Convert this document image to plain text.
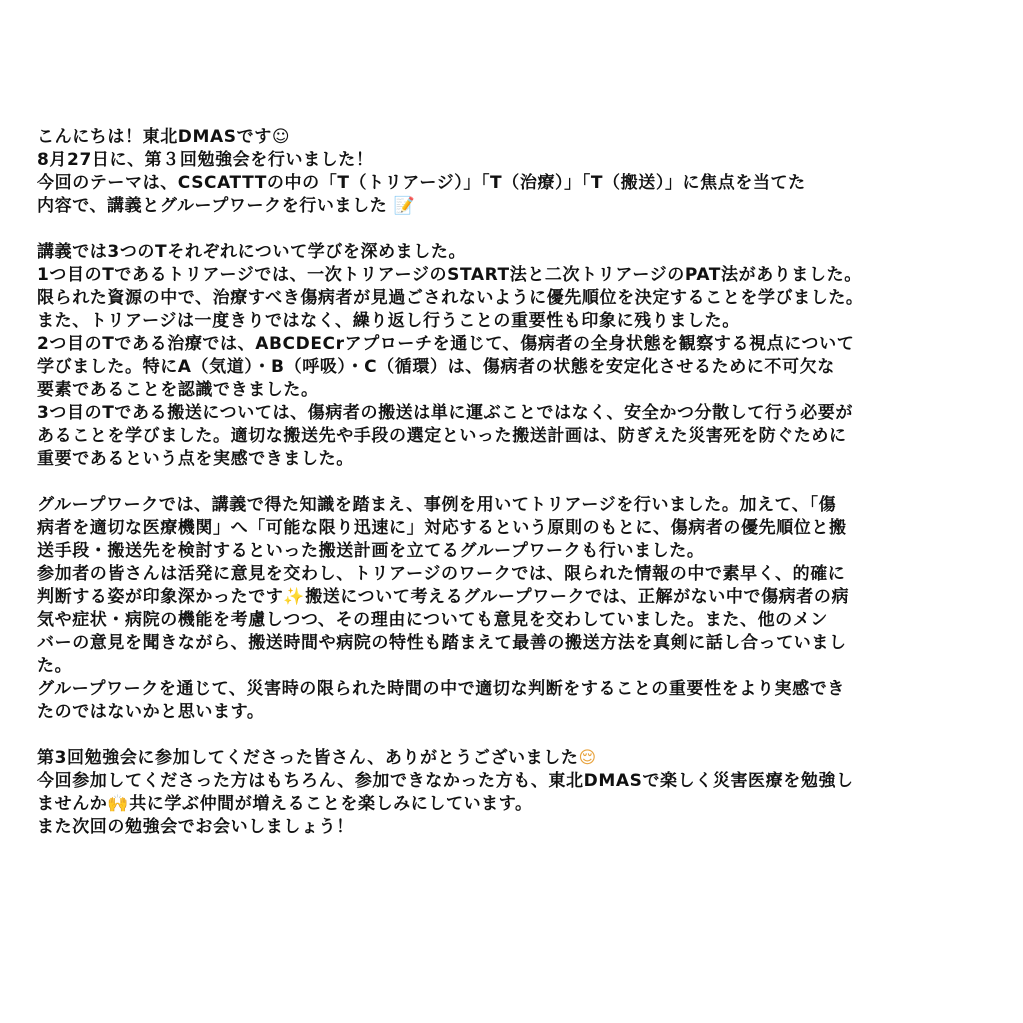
こんにちは！東北DMASです☺
8月27日に、第３回勉強会を行いました！
今回のテーマは、CSCATTTの中の「T（トリアージ）」「T（治療）」「T（搬送）」に焦点を当てた
内容で、講義とグループワークを行いました 📝
講義では3つのTそれぞれについて学びを深めました。
1つ目のTであるトリアージでは、一次トリアージのSTART法と二次トリアージのPAT法がありました。
限られた資源の中で、治療すべき傷病者が見過ごされないように優先順位を決定することを学びました。
また、トリアージは一度きりではなく、繰り返し行うことの重要性も印象に残りました。
2つ目のTである治療では、ABCDECrアプローチを通じて、傷病者の全身状態を観察する視点について
学びました。特にA（気道）・B（呼吸）・C（循環）は、傷病者の状態を安定化させるために不可欠な
要素であることを認識できました。
3つ目のTである搬送については、傷病者の搬送は単に運ぶことではなく、安全かつ分散して行う必要が
あることを学びました。適切な搬送先や手段の選定といった搬送計画は、防ぎえた災害死を防ぐために
重要であるという点を実感できました。
グループワークでは、講義で得た知識を踏まえ、事例を用いてトリアージを行いました。加えて、「傷
病者を適切な医療機関」へ「可能な限り迅速に」対応するという原則のもとに、傷病者の優先順位と搬
送手段・搬送先を検討するといった搬送計画を立てるグループワークも行いました。
参加者の皆さんは活発に意見を交わし、トリアージのワークでは、限られた情報の中で素早く、的確に
判断する姿が印象深かったです✨搬送について考えるグループワークでは、正解がない中で傷病者の病
気や症状・病院の機能を考慮しつつ、その理由についても意見を交わしていました。また、他のメン
バーの意見を聞きながら、搬送時間や病院の特性も踏まえて最善の搬送方法を真剣に話し合っていまし
た。
グループワークを通じて、災害時の限られた時間の中で適切な判断をすることの重要性をより実感でき
たのではないかと思います。
第3回勉強会に参加してくださった皆さん、ありがとうございました😌
今回参加してくださった方はもちろん、参加できなかった方も、東北DMASで楽しく災害医療を勉強し
ませんか🙌共に学ぶ仲間が増えることを楽しみにしています。
また次回の勉強会でお会いしましょう！
